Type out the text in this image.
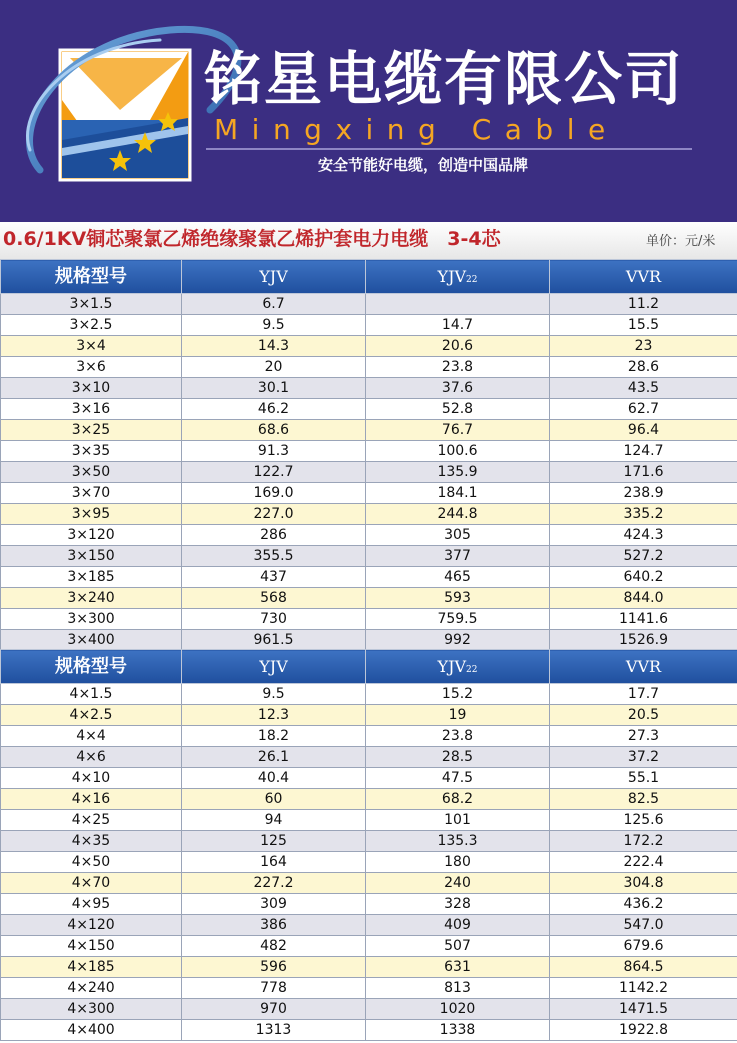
铭星电缆有限公司
Mingxing Cable
安全节能好电缆，创造中国品牌
0.6/1KV铜芯聚氯乙烯绝缘聚氯乙烯护套电力电缆　3-4芯	单价：元/米
规格型号	YJV	YJV22	VVR
3×1.5	6.7		11.2
3×2.5	9.5	14.7	15.5
3×4	14.3	20.6	23
3×6	20	23.8	28.6
3×10	30.1	37.6	43.5
3×16	46.2	52.8	62.7
3×25	68.6	76.7	96.4
3×35	91.3	100.6	124.7
3×50	122.7	135.9	171.6
3×70	169.0	184.1	238.9
3×95	227.0	244.8	335.2
3×120	286	305	424.3
3×150	355.5	377	527.2
3×185	437	465	640.2
3×240	568	593	844.0
3×300	730	759.5	1141.6
3×400	961.5	992	1526.9
规格型号	YJV	YJV22	VVR
4×1.5	9.5	15.2	17.7
4×2.5	12.3	19	20.5
4×4	18.2	23.8	27.3
4×6	26.1	28.5	37.2
4×10	40.4	47.5	55.1
4×16	60	68.2	82.5
4×25	94	101	125.6
4×35	125	135.3	172.2
4×50	164	180	222.4
4×70	227.2	240	304.8
4×95	309	328	436.2
4×120	386	409	547.0
4×150	482	507	679.6
4×185	596	631	864.5
4×240	778	813	1142.2
4×300	970	1020	1471.5
4×400	1313	1338	1922.8
